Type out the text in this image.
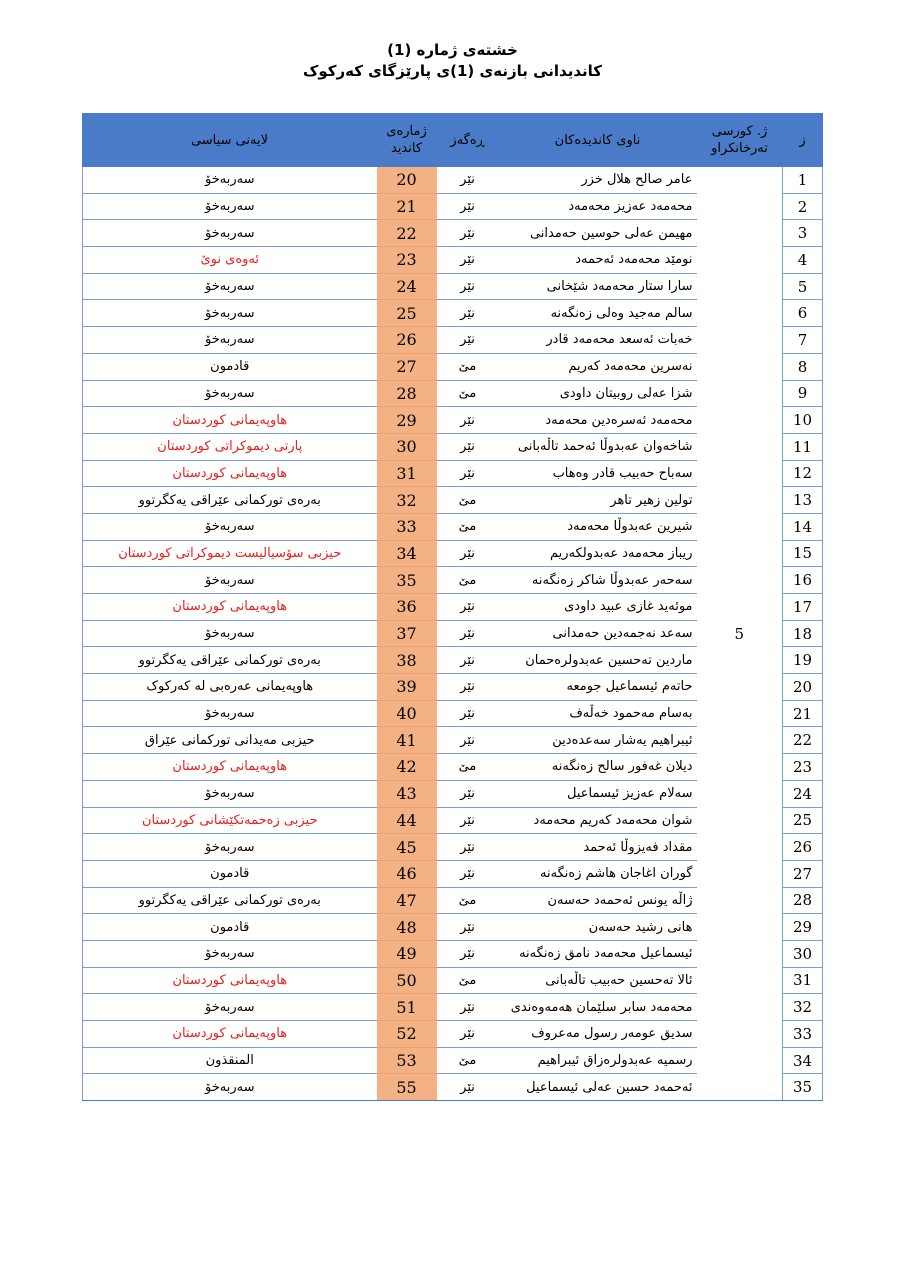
خشتەی ژمارە (1)
کاندیدانی بازنەی (1)ی پارێزگای کەرکوک
ز	ژ. کورسی تەرخانکراو	ناوی کاندیدەکان	ڕەگەز	ژمارەی کاندید	لایەنی سیاسی
1	5	عامر صالح هلال خزر	نێر	20	سەربەخۆ
2		محەمەد عەزیز محەمەد	نێر	21	سەربەخۆ
3		مهیمن عەلی حوسین حەمدانی	نێر	22	سەربەخۆ
4		نومێد محەمەد ئەحمەد	نێر	23	ئەوەی نوێ
5		سارا ستار محەمەد شێخانی	نێر	24	سەربەخۆ
6		سالم مەجید وەلی زەنگەنە	نێر	25	سەربەخۆ
7		خەبات ئەسعد محەمەد قادر	نێر	26	سەربەخۆ
8		نەسرین محەمەد کەریم	مێ	27	قادمون
9		شزا عەلی روبیتان داودی	مێ	28	سەربەخۆ
10		محەمەد ئەسرەدین محەمەد	نێر	29	هاوپەیمانی کوردستان
11		شاخەوان عەبدوڵا ئەحمد تاڵەبانی	نێر	30	پارتی دیموکراتی کوردستان
12		سەباح حەبیب قادر وەهاب	نێر	31	هاوپەیمانی کوردستان
13		تولین زهیر تاهر	مێ	32	بەرەی تورکمانی عێراقی یەکگرتوو
14		شیرین عەبدوڵا محەمەد	مێ	33	سەربەخۆ
15		ریباز محەمەد عەبدولکەریم	نێر	34	حیزبی سۆسیالیست دیموکراتی کوردستان
16		سەحەر عەبدوڵا شاکر زەنگەنە	مێ	35	سەربەخۆ
17		موئەید غازی عبید داودی	نێر	36	هاوپەیمانی کوردستان
18		سەعد نەجمەدین حەمدانی	نێر	37	سەربەخۆ
19		ماردین تەحسین عەبدولرەحمان	نێر	38	بەرەی تورکمانی عێراقی یەکگرتوو
20		حاتەم ئیسماعیل جومعە	نێر	39	هاوپەیمانی عەرەبی لە کەرکوک
21		بەسام مەحمود خەڵەف	نێر	40	سەربەخۆ
22		ئیبراهیم یەشار سەعدەدین	نێر	41	حیزبی مەیدانی تورکمانی عێراق
23		دیلان غەفور سالح زەنگەنە	مێ	42	هاوپەیمانی کوردستان
24		سەلام عەزیز ئیسماعیل	نێر	43	سەربەخۆ
25		شوان محەمەد کەریم محەمەد	نێر	44	حیزبی زەحمەتکێشانی کوردستان
26		مقداد فەیزوڵا ئەحمد	نێر	45	سەربەخۆ
27		گوران اغاجان هاشم زەنگەنە	نێر	46	قادمون
28		ژاڵە یونس ئەحمەد حەسەن	مێ	47	بەرەی تورکمانی عێراقی یەکگرتوو
29		هانی رشید حەسەن	نێر	48	قادمون
30		ئیسماعیل محەمەد نامق زەنگەنە	نێر	49	سەربەخۆ
31		ئالا تەحسین حەبیب تاڵەبانی	مێ	50	هاوپەیمانی کوردستان
32		محەمەد سابر سلێمان هەمەوەندی	نێر	51	سەربەخۆ
33		سدیق عومەر رسول مەعروف	نێر	52	هاوپەیمانی کوردستان
34		رسمیە عەبدولرەزاق ئیبراهیم	مێ	53	المنقذون
35		ئەحمەد حسین عەلی ئیسماعیل	نێر	55	سەربەخۆ
